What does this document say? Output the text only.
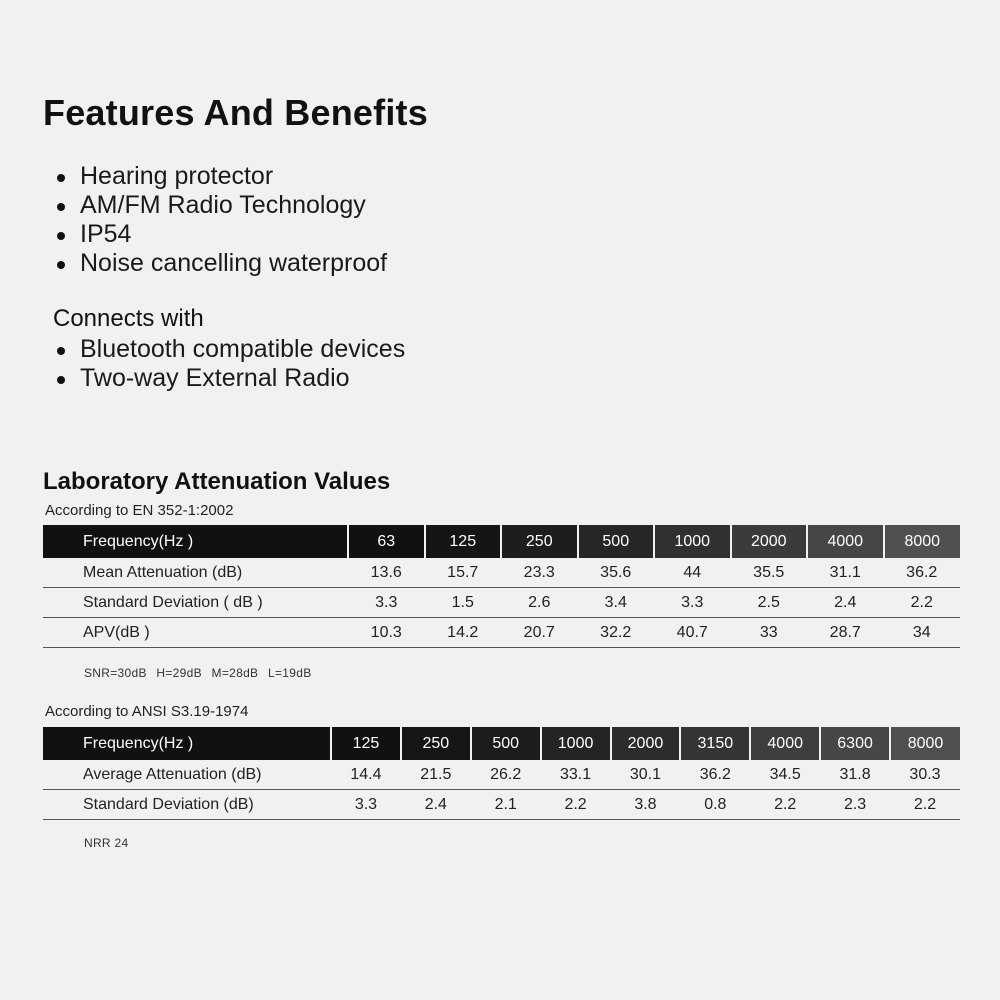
Features And Benefits
Hearing protector
AM/FM Radio Technology
IP54
Noise cancelling waterproof
Connects with
Bluetooth compatible devices
Two-way External Radio
Laboratory Attenuation Values

According to EN 352-1:2002

Frequency(Hz )	63	125	250	500	1000	2000	4000	8000
Mean Attenuation (dB)	13.6	15.7	23.3	35.6	44	35.5	31.1	36.2
Standard Deviation ( dB )	3.3	1.5	2.6	3.4	3.3	2.5	2.4	2.2
APV(dB )	10.3	14.2	20.7	32.2	40.7	33	28.7	34

SNR=30dB H=29dB M=28dB L=19dB

According to ANSI S3.19-1974

Frequency(Hz )	125	250	500	1000	2000	3150	4000	6300	8000
Average Attenuation (dB)	14.4	21.5	26.2	33.1	30.1	36.2	34.5	31.8	30.3
Standard Deviation (dB)	3.3	2.4	2.1	2.2	3.8	0.8	2.2	2.3	2.2

NRR 24
